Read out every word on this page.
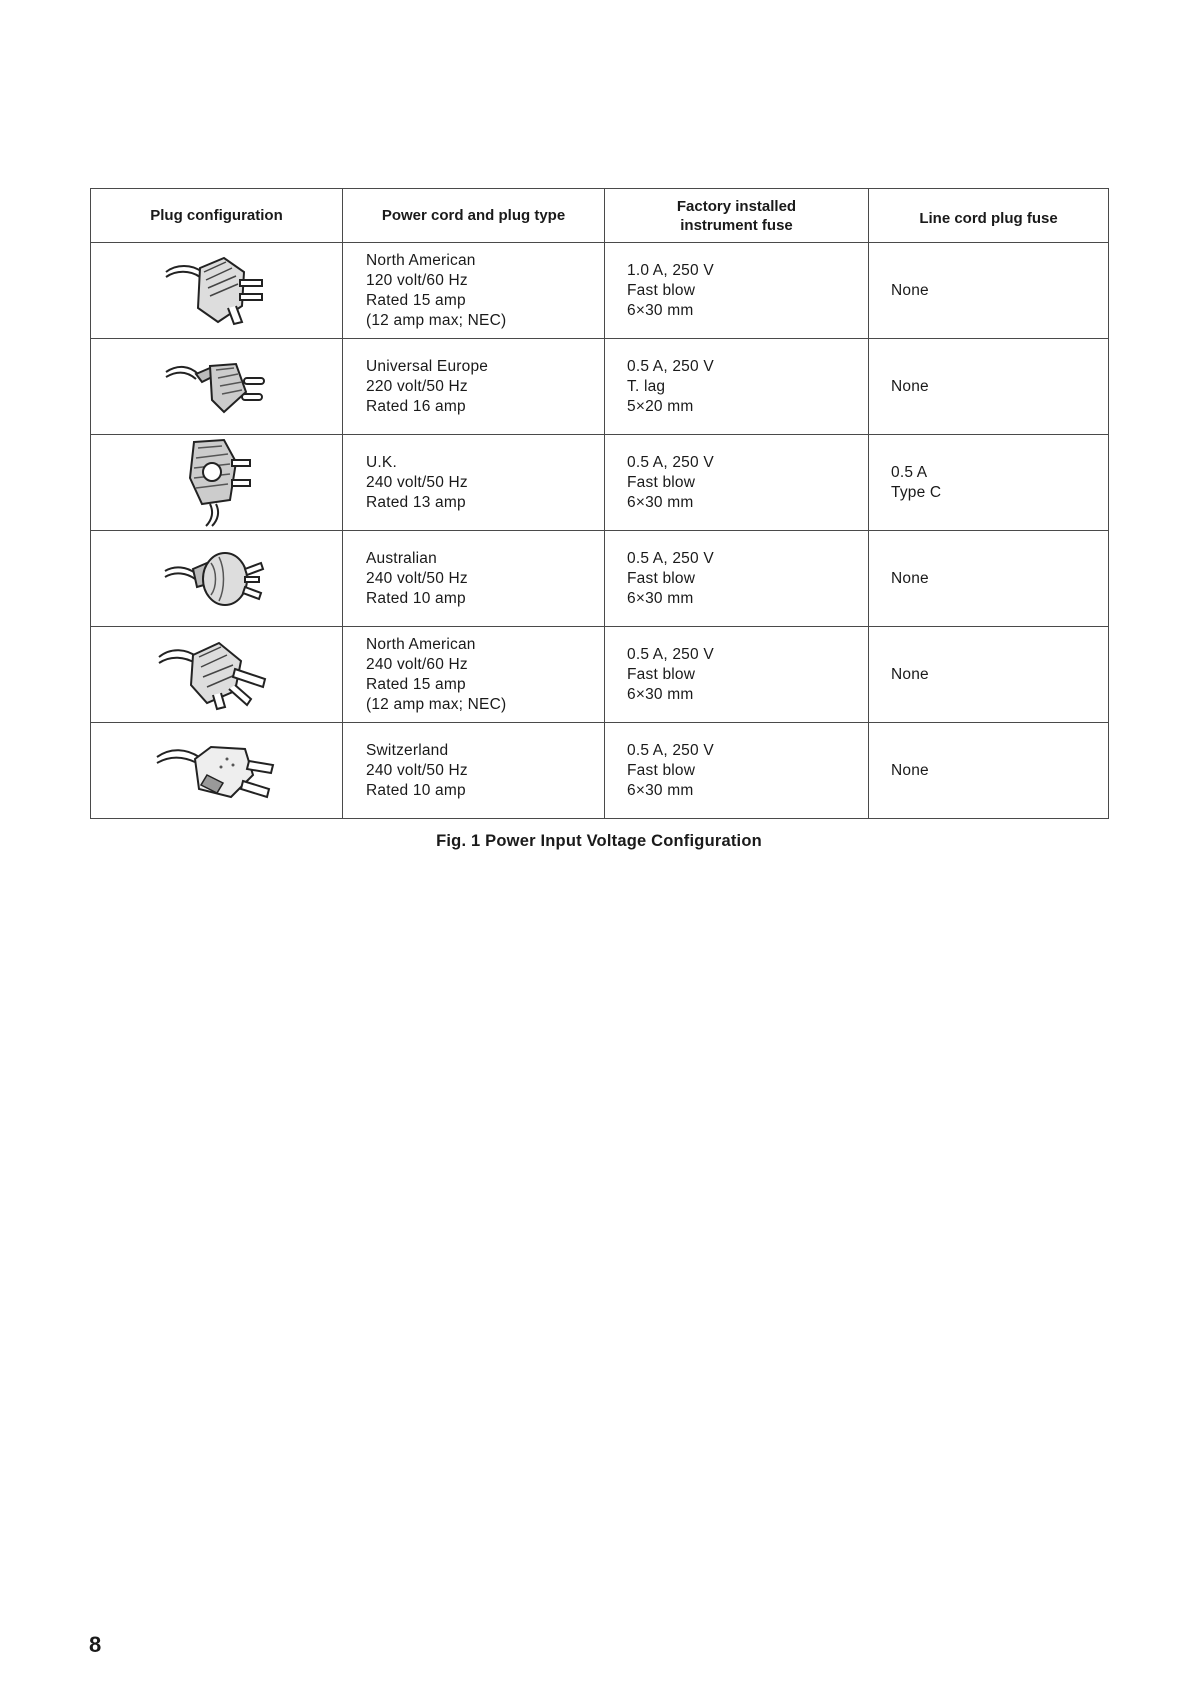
Plug configuration	Power cord and plug type	Factory installed
instrument fuse	Line cord plug fuse

North American
120 volt/60 Hz
Rated 15 amp
(12 amp max; NEC)	1.0 A, 250 V
Fast blow
6×30 mm	None

Universal Europe
220 volt/50 Hz
Rated 16 amp	0.5 A, 250 V
T. lag
5×20 mm	None

U.K.
240 volt/50 Hz
Rated 13 amp	0.5 A, 250 V
Fast blow
6×30 mm	0.5 A
Type C

Australian
240 volt/50 Hz
Rated 10 amp	0.5 A, 250 V
Fast blow
6×30 mm	None

North American
240 volt/60 Hz
Rated 15 amp
(12 amp max; NEC)	0.5 A, 250 V
Fast blow
6×30 mm	None

Switzerland
240 volt/50 Hz
Rated 10 amp	0.5 A, 250 V
Fast blow
6×30 mm	None
Fig. 1 Power Input Voltage Configuration
8
